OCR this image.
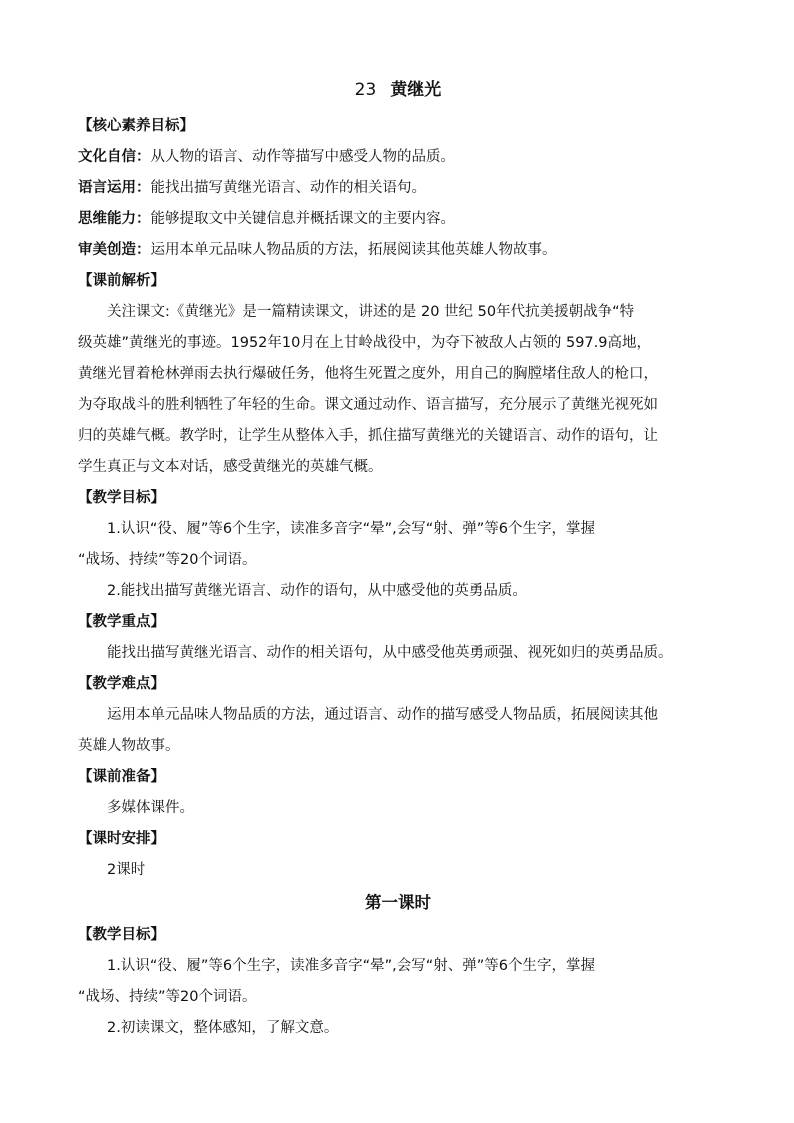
23 黄继光
【核心素养目标】
文化自信：从人物的语言、动作等描写中感受人物的品质。
语言运用：能找出描写黄继光语言、动作的相关语句。
思维能力：能够提取文中关键信息并概括课文的主要内容。
审美创造：运用本单元品味人物品质的方法，拓展阅读其他英雄人物故事。
【课前解析】
关注课文:《黄继光》是一篇精读课文，讲述的是 20 世纪 50年代抗美援朝战争“特
级英雄”黄继光的事迹。1952年10月在上甘岭战役中，为夺下被敌人占领的 597.9高地，
黄继光冒着枪林弹雨去执行爆破任务，他将生死置之度外，用自己的胸膛堵住敌人的枪口，
为夺取战斗的胜利牺牲了年轻的生命。课文通过动作、语言描写，充分展示了黄继光视死如
归的英雄气概。教学时，让学生从整体入手，抓住描写黄继光的关键语言、动作的语句，让
学生真正与文本对话，感受黄继光的英雄气概。
【教学目标】
1.认识“役、履”等6个生字，读准多音字“晕”,会写“射、弹”等6个生字，掌握
“战场、持续”等20个词语。
2.能找出描写黄继光语言、动作的语句，从中感受他的英勇品质。
【教学重点】
能找出描写黄继光语言、动作的相关语句，从中感受他英勇顽强、视死如归的英勇品质。
【教学难点】
运用本单元品味人物品质的方法，通过语言、动作的描写感受人物品质，拓展阅读其他
英雄人物故事。
【课前准备】
多媒体课件。
【课时安排】
2课时
第一课时
【教学目标】
1.认识“役、履”等6个生字，读准多音字“晕”,会写“射、弹”等6个生字，掌握
“战场、持续”等20个词语。
2.初读课文，整体感知，了解文意。
